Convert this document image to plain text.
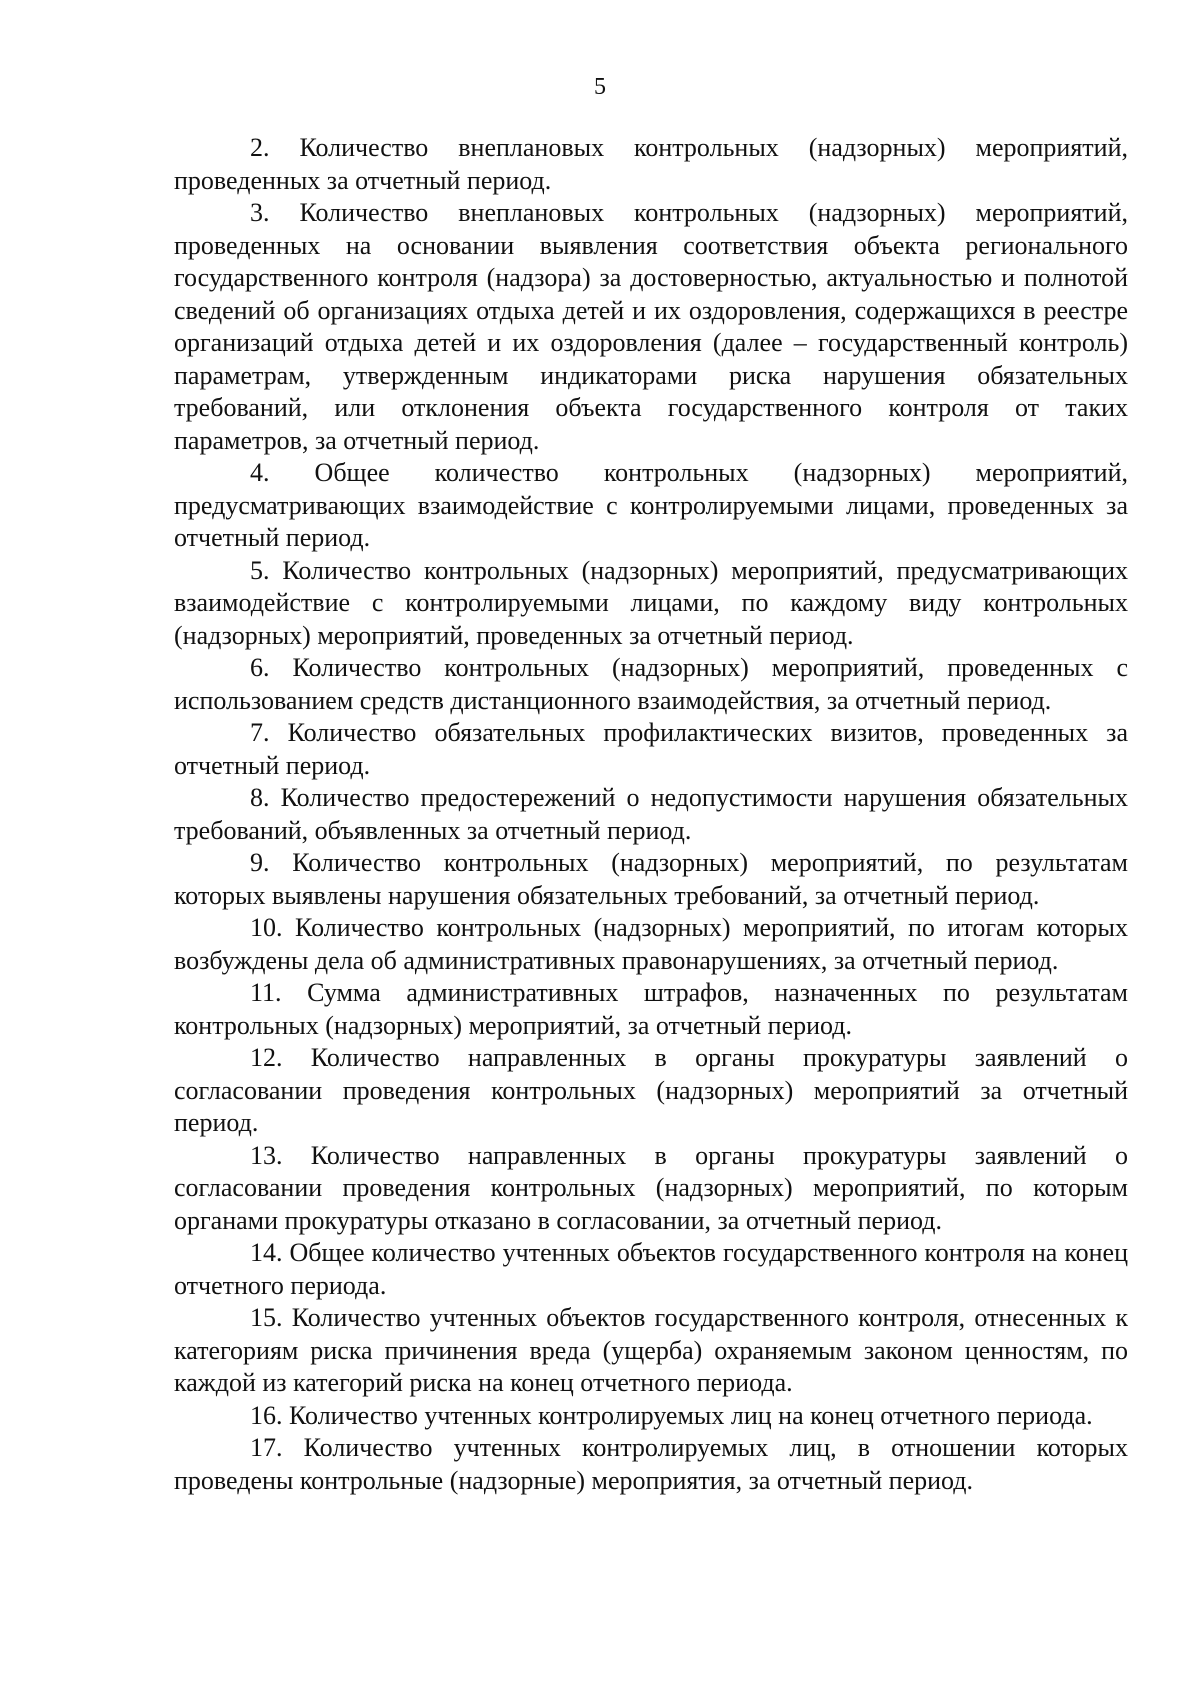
5

2. Количество внеплановых контрольных (надзорных) мероприятий, проведенных за отчетный период.

3. Количество внеплановых контрольных (надзорных) мероприятий, проведенных на основании выявления соответствия объекта регионального государственного контроля (надзора) за достоверностью, актуальностью и полнотой сведений об организациях отдыха детей и их оздоровления, содержащихся в реестре организаций отдыха детей и их оздоровления (далее – государственный контроль) параметрам, утвержденным индикаторами риска нарушения обязательных требований, или отклонения объекта государственного контроля от таких параметров, за отчетный период.

4. Общее количество контрольных (надзорных) мероприятий, предусматривающих взаимодействие с контролируемыми лицами, проведенных за отчетный период.

5. Количество контрольных (надзорных) мероприятий, предусматривающих взаимодействие с контролируемыми лицами, по каждому виду контрольных (надзорных) мероприятий, проведенных за отчетный период.

6. Количество контрольных (надзорных) мероприятий, проведенных с использованием средств дистанционного взаимодействия, за отчетный период.

7. Количество обязательных профилактических визитов, проведенных за отчетный период.

8. Количество предостережений о недопустимости нарушения обязательных требований, объявленных за отчетный период.

9. Количество контрольных (надзорных) мероприятий, по результатам которых выявлены нарушения обязательных требований, за отчетный период.

10. Количество контрольных (надзорных) мероприятий, по итогам которых возбуждены дела об административных правонарушениях, за отчетный период.

11. Сумма административных штрафов, назначенных по результатам контрольных (надзорных) мероприятий, за отчетный период.

12. Количество направленных в органы прокуратуры заявлений о согласовании проведения контрольных (надзорных) мероприятий за отчетный период.

13. Количество направленных в органы прокуратуры заявлений о согласовании проведения контрольных (надзорных) мероприятий, по которым органами прокуратуры отказано в согласовании, за отчетный период.

14. Общее количество учтенных объектов государственного контроля на конец отчетного периода.

15. Количество учтенных объектов государственного контроля, отнесенных к категориям риска причинения вреда (ущерба) охраняемым законом ценностям, по каждой из категорий риска на конец отчетного периода.

16. Количество учтенных контролируемых лиц на конец отчетного периода.

17. Количество учтенных контролируемых лиц, в отношении которых проведены контрольные (надзорные) мероприятия, за отчетный период.
